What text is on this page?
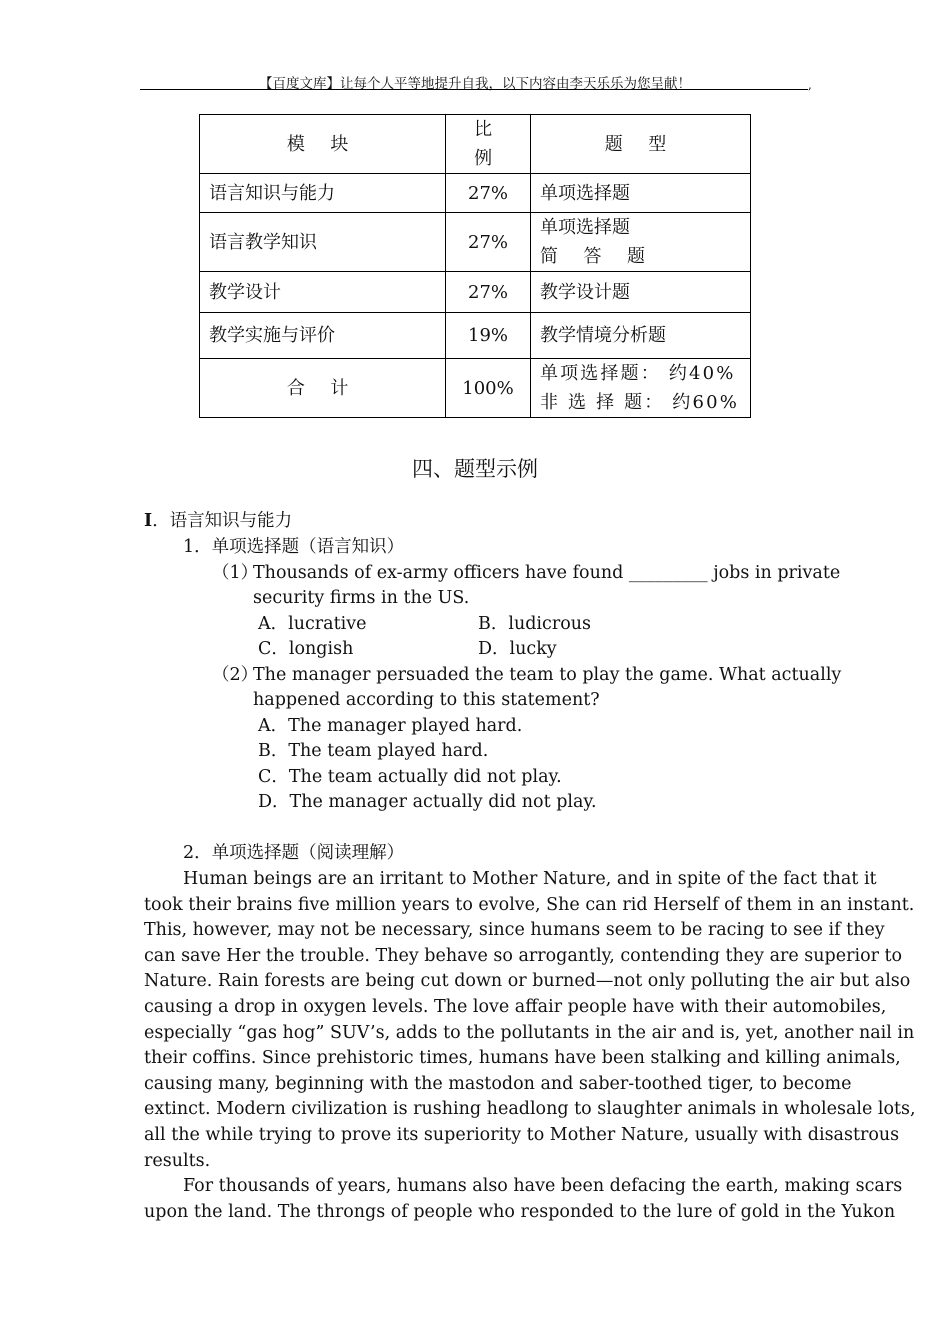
【百度文库】让每个人平等地提升自我，以下内容由李天乐乐为您呈献！	,
模 块	比 例	题 型
语言知识与能力	27%	单项选择题
语言教学知识	27%	单项选择题
简 答 题

教学设计	27%	教学设计题
教学实施与评价	19%	教学情境分析题
合 计	100%	单项选择题： 约40%
非 选 择 题： 约60%
四、题型示例
I．语言知识与能力
1．单项选择题（语言知识）
（1）
Thousands of ex-army officers have found _________ jobs in private
security firms in the US.
A．lucrative	B．ludicrous
C．longish	D．lucky
（2）
The manager persuaded the team to play the game. What actually
happened according to this statement?
A．The manager played hard.
B．The team played hard.
C．The team actually did not play.
D．The manager actually did not play.
2．单项选择题（阅读理解）
Human beings are an irritant to Mother Nature, and in spite of the fact that it
took their brains five million years to evolve, She can rid Herself of them in an instant.
This, however, may not be necessary, since humans seem to be racing to see if they
can save Her the trouble. They behave so arrogantly, contending they are superior to
Nature. Rain forests are being cut down or burned—not only polluting the air but also
causing a drop in oxygen levels. The love affair people have with their automobiles,
especially “gas hog” SUV’s, adds to the pollutants in the air and is, yet, another nail in
their coffins. Since prehistoric times, humans have been stalking and killing animals,
causing many, beginning with the mastodon and saber-toothed tiger, to become
extinct. Modern civilization is rushing headlong to slaughter animals in wholesale lots,
all the while trying to prove its superiority to Mother Nature, usually with disastrous
results.
For thousands of years, humans also have been defacing the earth, making scars
upon the land. The throngs of people who responded to the lure of gold in the Yukon
